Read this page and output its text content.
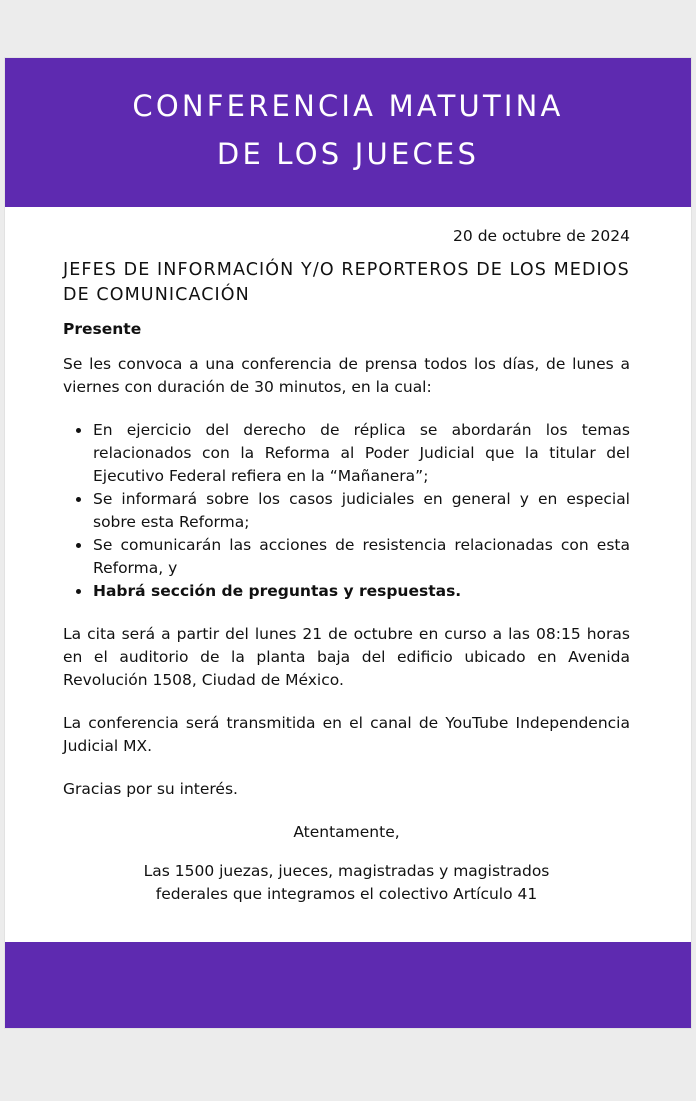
CONFERENCIA MATUTINA
DE LOS JUECES

20 de octubre de 2024

JEFES DE INFORMACIÓN Y/O REPORTEROS DE LOS MEDIOS DE COMUNICACIÓN

Presente

Se les convoca a una conferencia de prensa todos los días, de lunes a viernes con duración de 30 minutos, en la cual:

En ejercicio del derecho de réplica se abordarán los temas relacionados con la Reforma al Poder Judicial que la titular del Ejecutivo Federal refiera en la “Mañanera”;
Se informará sobre los casos judiciales en general y en especial sobre esta Reforma;
Se comunicarán las acciones de resistencia relacionadas con esta Reforma, y
Habrá sección de preguntas y respuestas.

La cita será a partir del lunes 21 de octubre en curso a las 08:15 horas en el auditorio de la planta baja del edificio ubicado en Avenida Revolución 1508, Ciudad de México.

La conferencia será transmitida en el canal de YouTube Independencia Judicial MX.

Gracias por su interés.

Atentamente,

Las 1500 juezas, jueces, magistradas y magistrados
federales que integramos el colectivo Artículo 41
